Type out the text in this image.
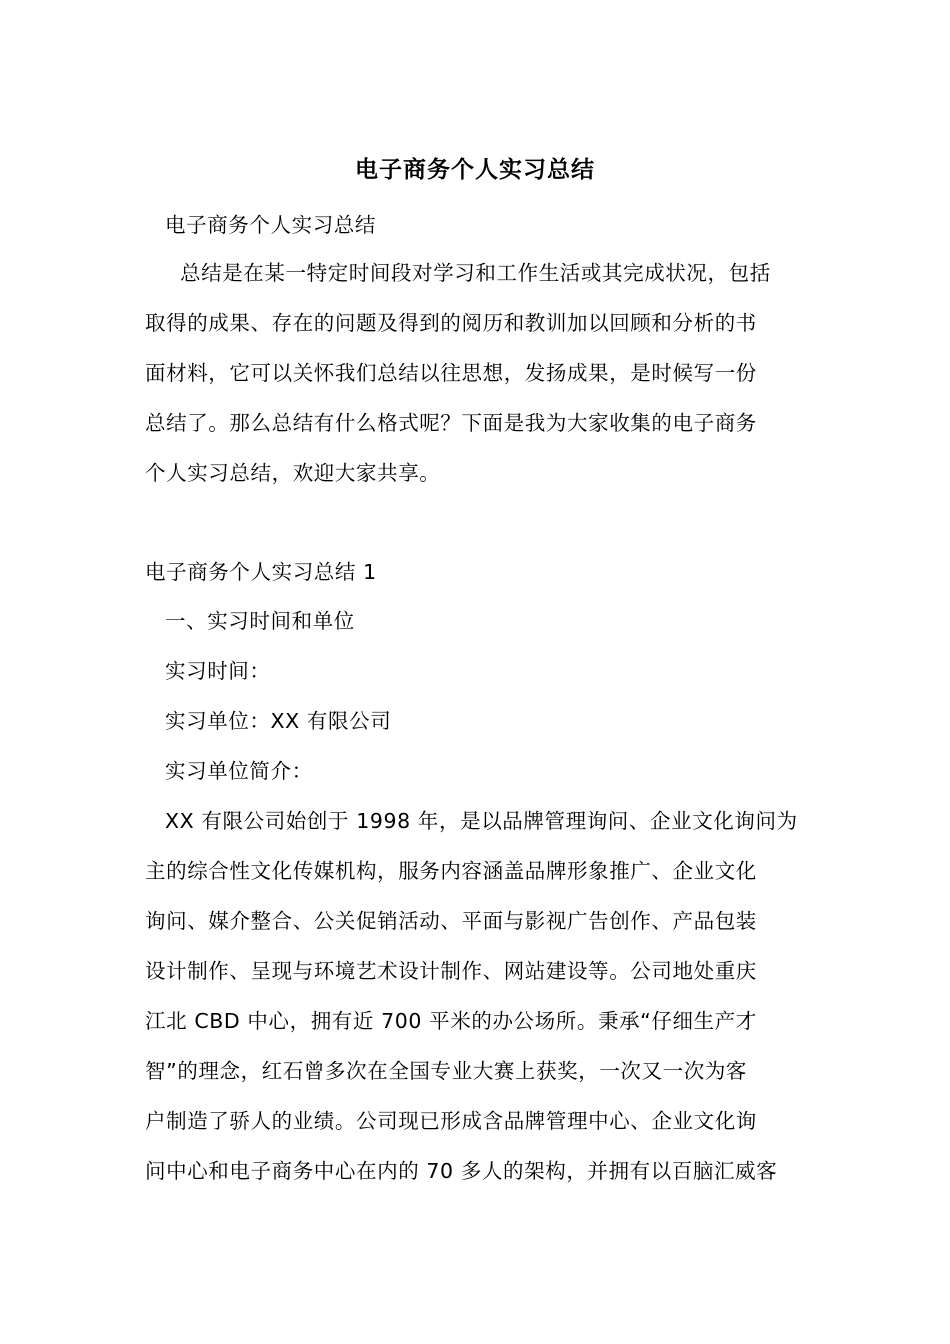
电子商务个人实习总结
电子商务个人实习总结
总结是在某一特定时间段对学习和工作生活或其完成状况，包括
取得的成果、存在的问题及得到的阅历和教训加以回顾和分析的书
面材料，它可以关怀我们总结以往思想，发扬成果，是时候写一份
总结了。那么总结有什么格式呢？下面是我为大家收集的电子商务
个人实习总结，欢迎大家共享。
电子商务个人实习总结 1
一、实习时间和单位
实习时间：
实习单位：XX 有限公司
实习单位简介：
XX 有限公司始创于 1998 年，是以品牌管理询问、企业文化询问为
主的综合性文化传媒机构，服务内容涵盖品牌形象推广、企业文化
询问、媒介整合、公关促销活动、平面与影视广告创作、产品包装
设计制作、呈现与环境艺术设计制作、网站建设等。公司地处重庆
江北 CBD 中心，拥有近 700 平米的办公场所。秉承“仔细生产才
智”的理念，红石曾多次在全国专业大赛上获奖，一次又一次为客
户制造了骄人的业绩。公司现已形成含品牌管理中心、企业文化询
问中心和电子商务中心在内的 70 多人的架构，并拥有以百脑汇威客
